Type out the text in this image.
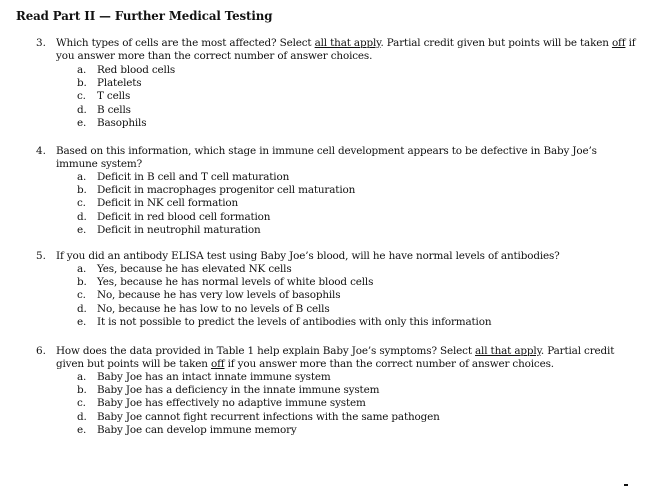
Read Part II — Further Medical Testing
3. Which types of cells are the most affected? Select all that apply. Partial credit given but points will be taken off if you answer more than the correct number of answer choices.
a. Red blood cells
b. Platelets
c. T cells
d. B cells
e. Basophils
4. Based on this information, which stage in immune cell development appears to be defective in Baby Joe’s immune system?
a. Deficit in B cell and T cell maturation
b. Deficit in macrophages progenitor cell maturation
c. Deficit in NK cell formation
d. Deficit in red blood cell formation
e. Deficit in neutrophil maturation
5. If you did an antibody ELISA test using Baby Joe’s blood, will he have normal levels of antibodies?
a. Yes, because he has elevated NK cells
b. Yes, because he has normal levels of white blood cells
c. No, because he has very low levels of basophils
d. No, because he has low to no levels of B cells
e. It is not possible to predict the levels of antibodies with only this information
6. How does the data provided in Table 1 help explain Baby Joe’s symptoms? Select all that apply. Partial credit given but points will be taken off if you answer more than the correct number of answer choices.
a. Baby Joe has an intact innate immune system
b. Baby Joe has a deficiency in the innate immune system
c. Baby Joe has effectively no adaptive immune system
d. Baby Joe cannot fight recurrent infections with the same pathogen
e. Baby Joe can develop immune memory
